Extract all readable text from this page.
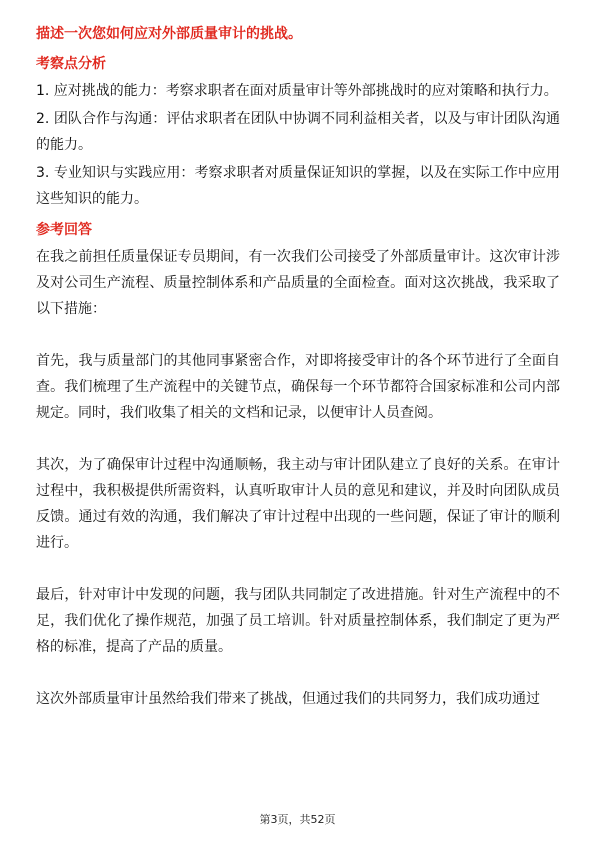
描述一次您如何应对外部质量审计的挑战。
考察点分析

1. 应对挑战的能力：考察求职者在面对质量审计等外部挑战时的应对策略和执行力。

2. 团队合作与沟通：评估求职者在团队中协调不同利益相关者，以及与审计团队沟通的能力。

3. 专业知识与实践应用：考察求职者对质量保证知识的掌握，以及在实际工作中应用这些知识的能力。

参考回答

在我之前担任质量保证专员期间，有一次我们公司接受了外部质量审计。这次审计涉及对公司生产流程、质量控制体系和产品质量的全面检查。面对这次挑战，我采取了以下措施：

首先，我与质量部门的其他同事紧密合作，对即将接受审计的各个环节进行了全面自查。我们梳理了生产流程中的关键节点，确保每一个环节都符合国家标准和公司内部规定。同时，我们收集了相关的文档和记录，以便审计人员查阅。

其次，为了确保审计过程中沟通顺畅，我主动与审计团队建立了良好的关系。在审计过程中，我积极提供所需资料，认真听取审计人员的意见和建议，并及时向团队成员反馈。通过有效的沟通，我们解决了审计过程中出现的一些问题，保证了审计的顺利进行。

最后，针对审计中发现的问题，我与团队共同制定了改进措施。针对生产流程中的不足，我们优化了操作规范，加强了员工培训。针对质量控制体系，我们制定了更为严格的标准，提高了产品的质量。

这次外部质量审计虽然给我们带来了挑战，但通过我们的共同努力，我们成功通过

第3页，共52页
